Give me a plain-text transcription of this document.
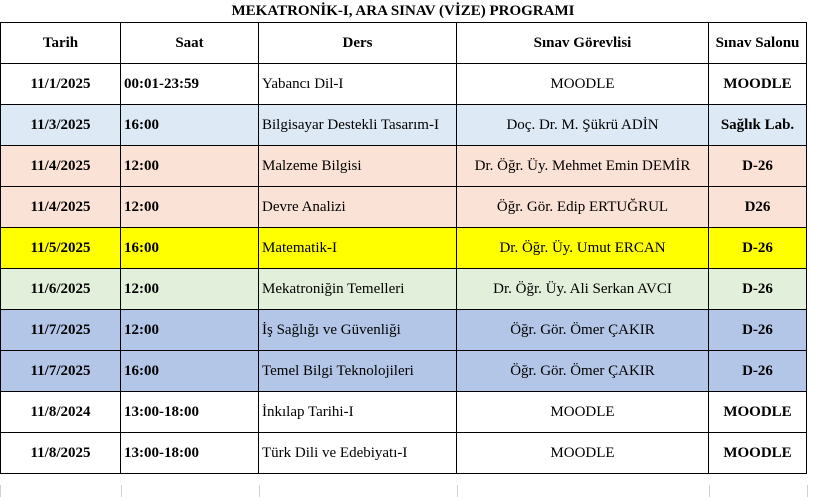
MEKATRONİK-I, ARA SINAV (VİZE) PROGRAMI
Tarih	Saat	Ders	Sınav Görevlisi	Sınav Salonu
11/1/2025	00:01-23:59	Yabancı Dil-I	MOODLE	MOODLE
11/3/2025	16:00	Bilgisayar Destekli Tasarım-I	Doç. Dr. M. Şükrü ADİN	Sağlık Lab.
11/4/2025	12:00	Malzeme Bilgisi	Dr. Öğr. Üy. Mehmet Emin DEMİR	D-26
11/4/2025	12:00	Devre Analizi	Öğr. Gör. Edip ERTUĞRUL	D26
11/5/2025	16:00	Matematik-I	Dr. Öğr. Üy. Umut ERCAN	D-26
11/6/2025	12:00	Mekatroniğin Temelleri	Dr. Öğr. Üy. Ali Serkan AVCI	D-26
11/7/2025	12:00	İş Sağlığı ve Güvenliği	Öğr. Gör. Ömer ÇAKIR	D-26
11/7/2025	16:00	Temel Bilgi Teknolojileri	Öğr. Gör. Ömer ÇAKIR	D-26
11/8/2024	13:00-18:00	İnkılap Tarihi-I	MOODLE	MOODLE
11/8/2025	13:00-18:00	Türk Dili ve Edebiyatı-I	MOODLE	MOODLE
